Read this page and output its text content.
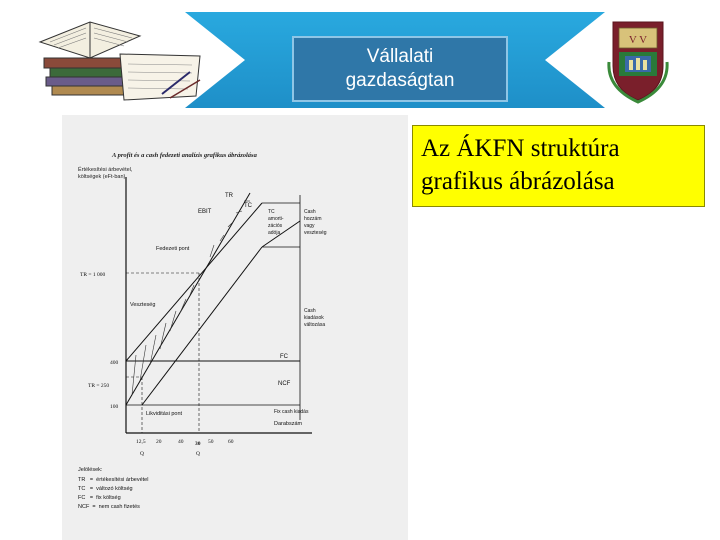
Vállalati
gazdaságtan
V V
A profit és a cash fedezeti analízis grafikus ábrázolása
Értékesítési árbevétel,
költségek (eFt-ban)
TR
TC
EBIT	TC
amorti-
zációs
adója
Cash
hozzám
vagy
veszteség
Fedezeti pont
Veszteség
Cash
kiadások
változása
FC
NCF
Likviditási pont	Fix cash kiadás
Darabszám
TR = 1 000
400
TR = 250
100
12,5 20	40 30 50	60
Q	Q
Jelölések:
TR   =  értékesítési árbevétel
TC   =  változó költség
FC   =  fix költség
NCF  =  nem cash fizetés
Az ÁKFN struktúra
grafikus ábrázolása
